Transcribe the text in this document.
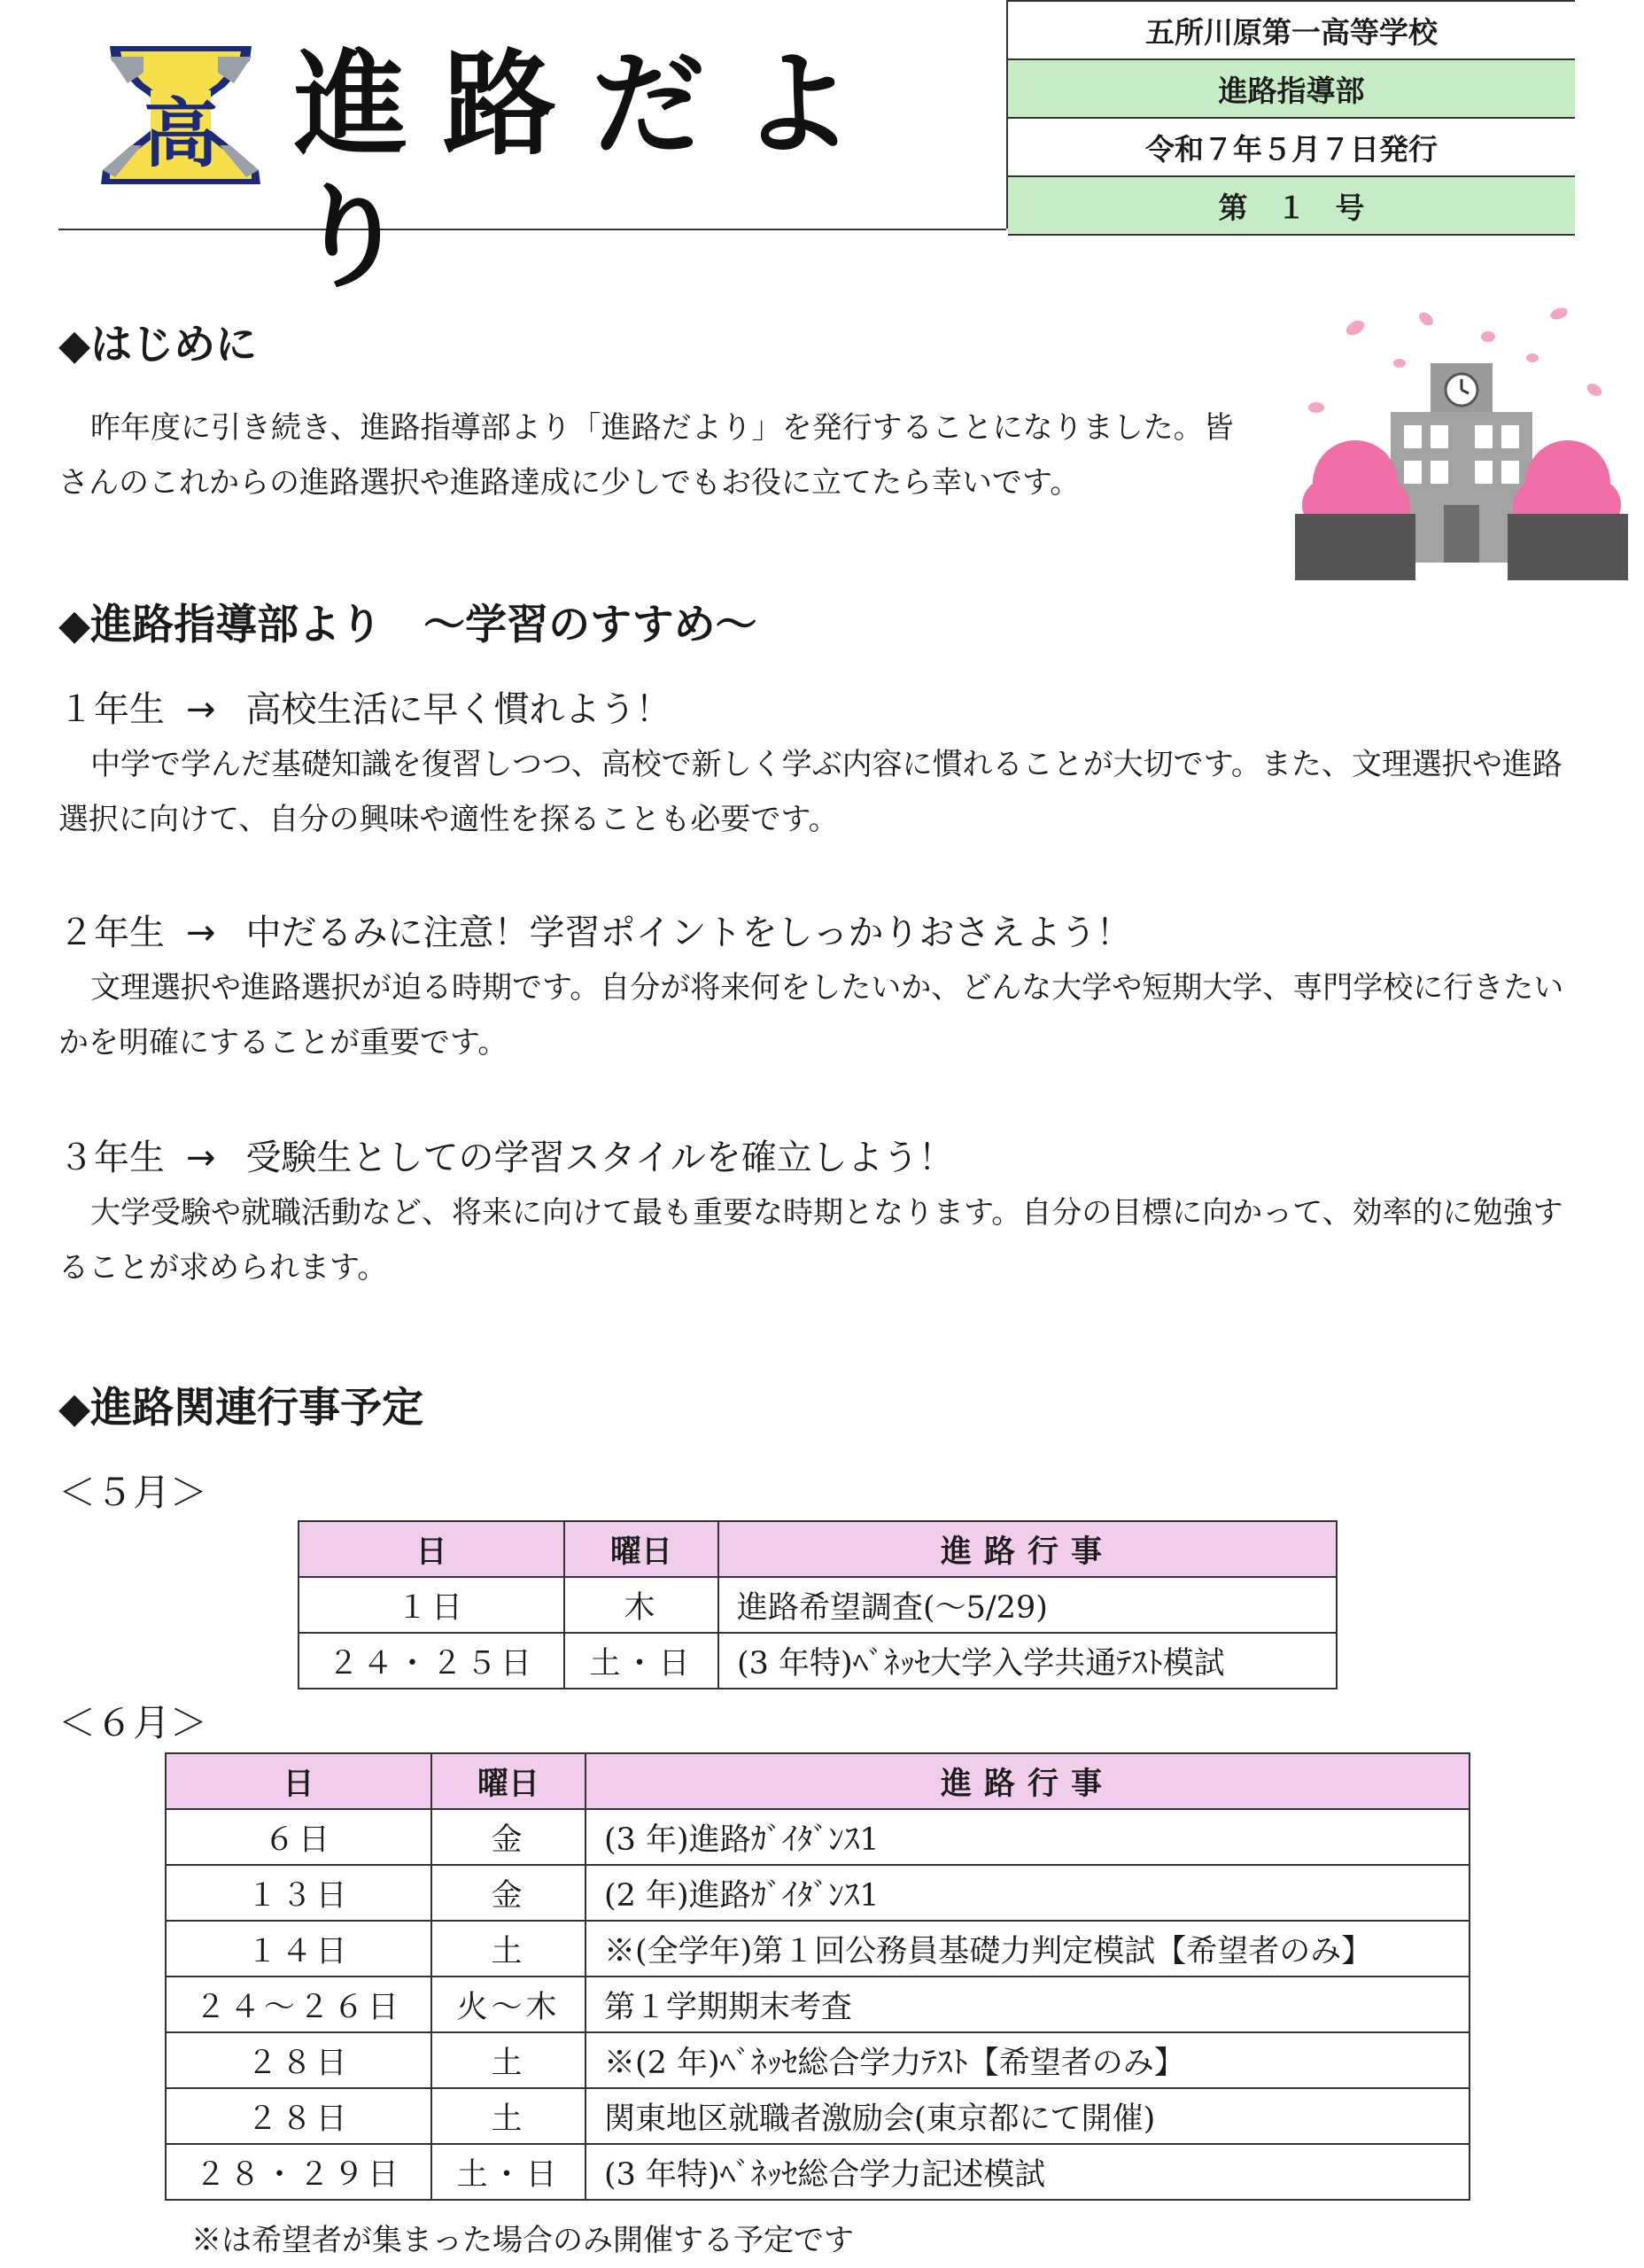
高 進路だより
五所川原第一高等学校
進路指導部
令和７年５月７日発行
第　１　号
◆はじめに

昨年度に引き続き、進路指導部より「進路だより」を発行することになりました。皆さんのこれからの進路選択や進路達成に少しでもお役に立てたら幸いです。

◆進路指導部より　～学習のすすめ～
１年生 → 高校生活に早く慣れよう！

中学で学んだ基礎知識を復習しつつ、高校で新しく学ぶ内容に慣れることが大切です。また、文理選択や進路選択に向けて、自分の興味や適性を探ることも必要です。

２年生 → 中だるみに注意！学習ポイントをしっかりおさえよう！

文理選択や進路選択が迫る時期です。自分が将来何をしたいか、どんな大学や短期大学、専門学校に行きたいかを明確にすることが重要です。

３年生 → 受験生としての学習スタイルを確立しよう！

大学受験や就職活動など、将来に向けて最も重要な時期となります。自分の目標に向かって、効率的に勉強することが求められます。

◆進路関連行事予定
＜５月＞
日	曜日	進路行事
１日	木	進路希望調査(～5/29)
２４・２５日	土・日	(3 年特)ﾍﾞﾈｯｾ大学入学共通ﾃｽﾄ模試
＜６月＞
日	曜日	進路行事
６日	金	(3 年)進路ｶﾞｲﾀﾞﾝｽ1
１３日	金	(2 年)進路ｶﾞｲﾀﾞﾝｽ1
１４日	土	※(全学年)第１回公務員基礎力判定模試【希望者のみ】
２４～２６日	火～木	第１学期期末考査
２８日	土	※(2 年)ﾍﾞﾈｯｾ総合学力ﾃｽﾄ【希望者のみ】
２８日	土	関東地区就職者激励会(東京都にて開催)
２８・２９日	土・日	(3 年特)ﾍﾞﾈｯｾ総合学力記述模試
※は希望者が集まった場合のみ開催する予定です
